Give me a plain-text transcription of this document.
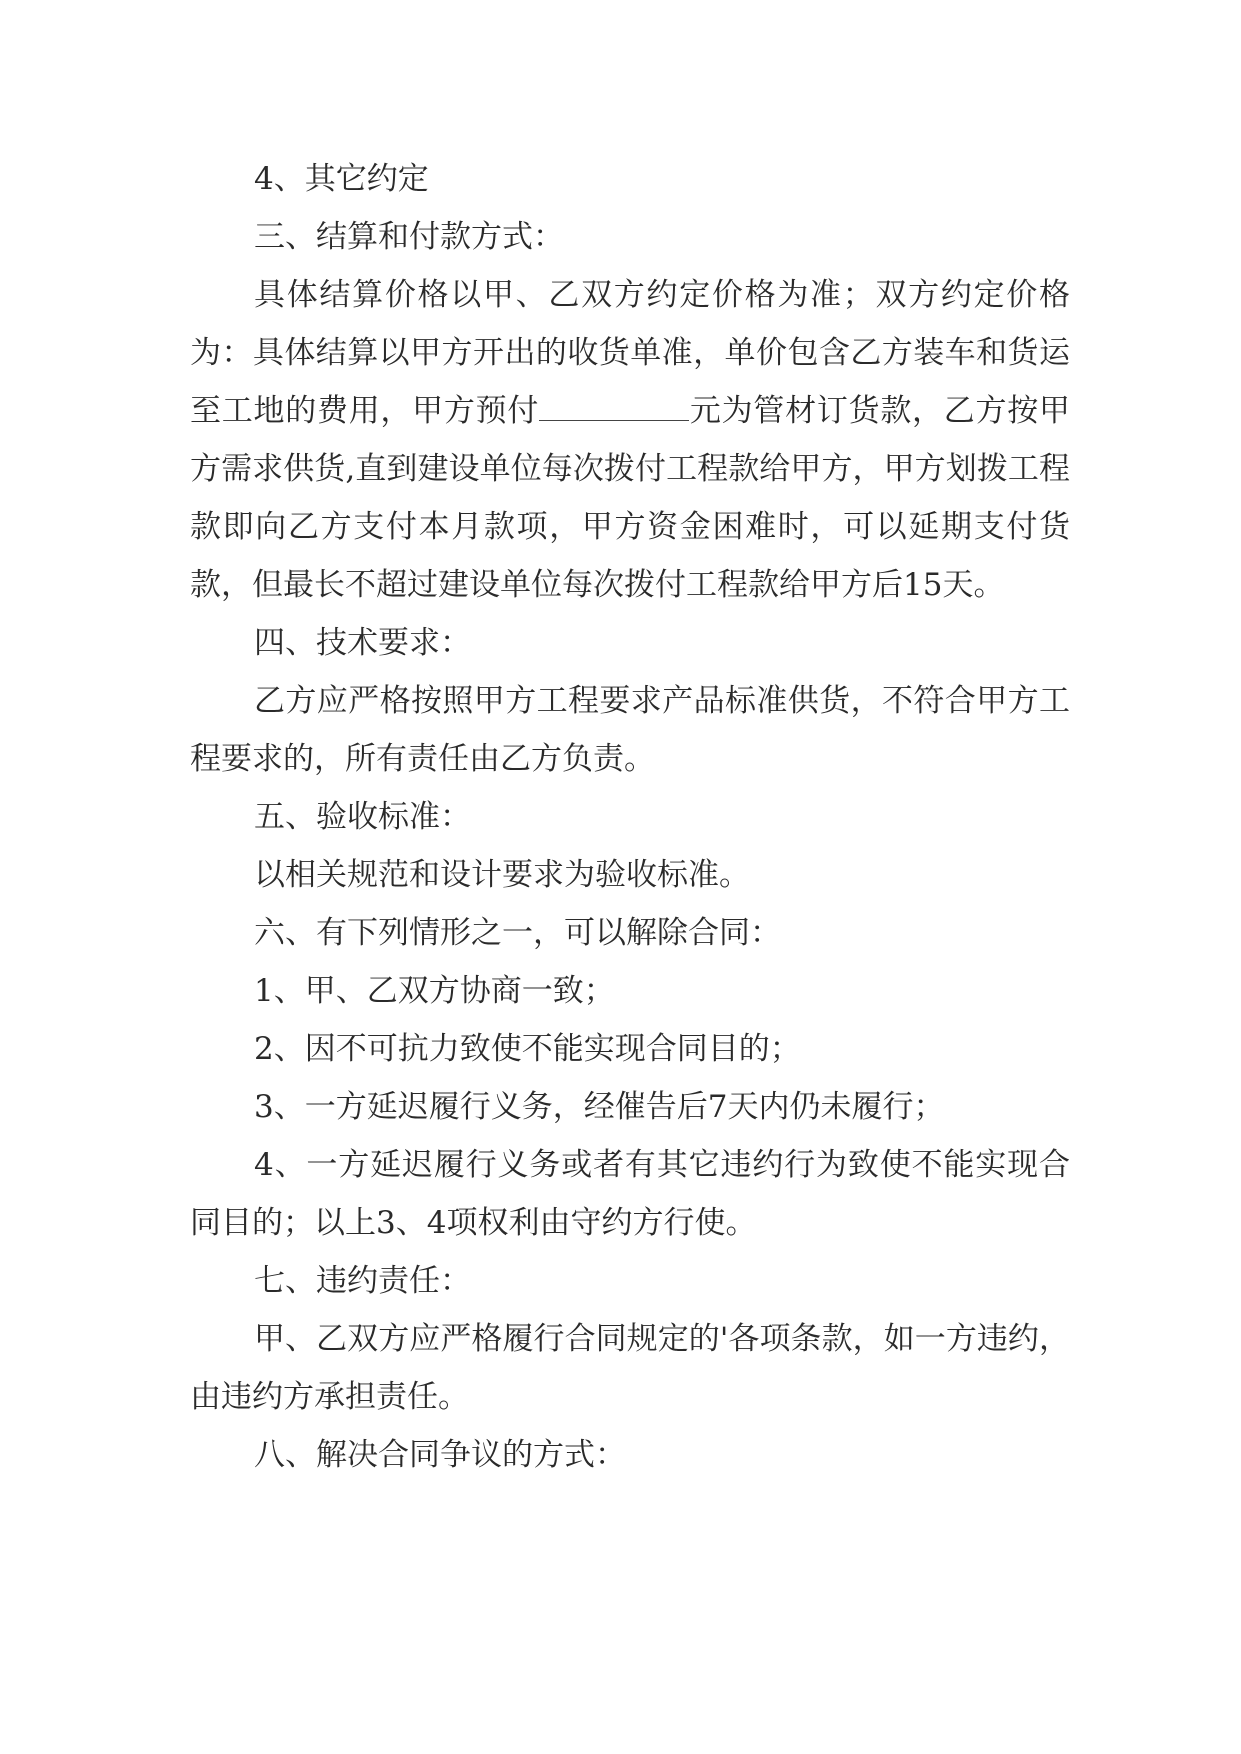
4、其它约定

三、结算和付款方式：

具体结算价格以甲、乙双方约定价格为准；双方约定价格为：具体结算以甲方开出的收货单准，单价包含乙方装车和货运至工地的费用，甲方预付	元为管材订货款，乙方按甲方需求供货,直到建设单位每次拨付工程款给甲方，甲方划拨工程款即向乙方支付本月款项，甲方资金困难时，可以延期支付货款，但最长不超过建设单位每次拨付工程款给甲方后15天。

四、技术要求：

乙方应严格按照甲方工程要求产品标准供货，不符合甲方工程要求的，所有责任由乙方负责。

五、验收标准：

以相关规范和设计要求为验收标准。

六、有下列情形之一，可以解除合同：

1、甲、乙双方协商一致；

2、因不可抗力致使不能实现合同目的；

3、一方延迟履行义务，经催告后7天内仍未履行；

4、一方延迟履行义务或者有其它违约行为致使不能实现合同目的；以上3、4项权利由守约方行使。

七、违约责任：

甲、乙双方应严格履行合同规定的'各项条款，如一方违约，由违约方承担责任。

八、解决合同争议的方式：
